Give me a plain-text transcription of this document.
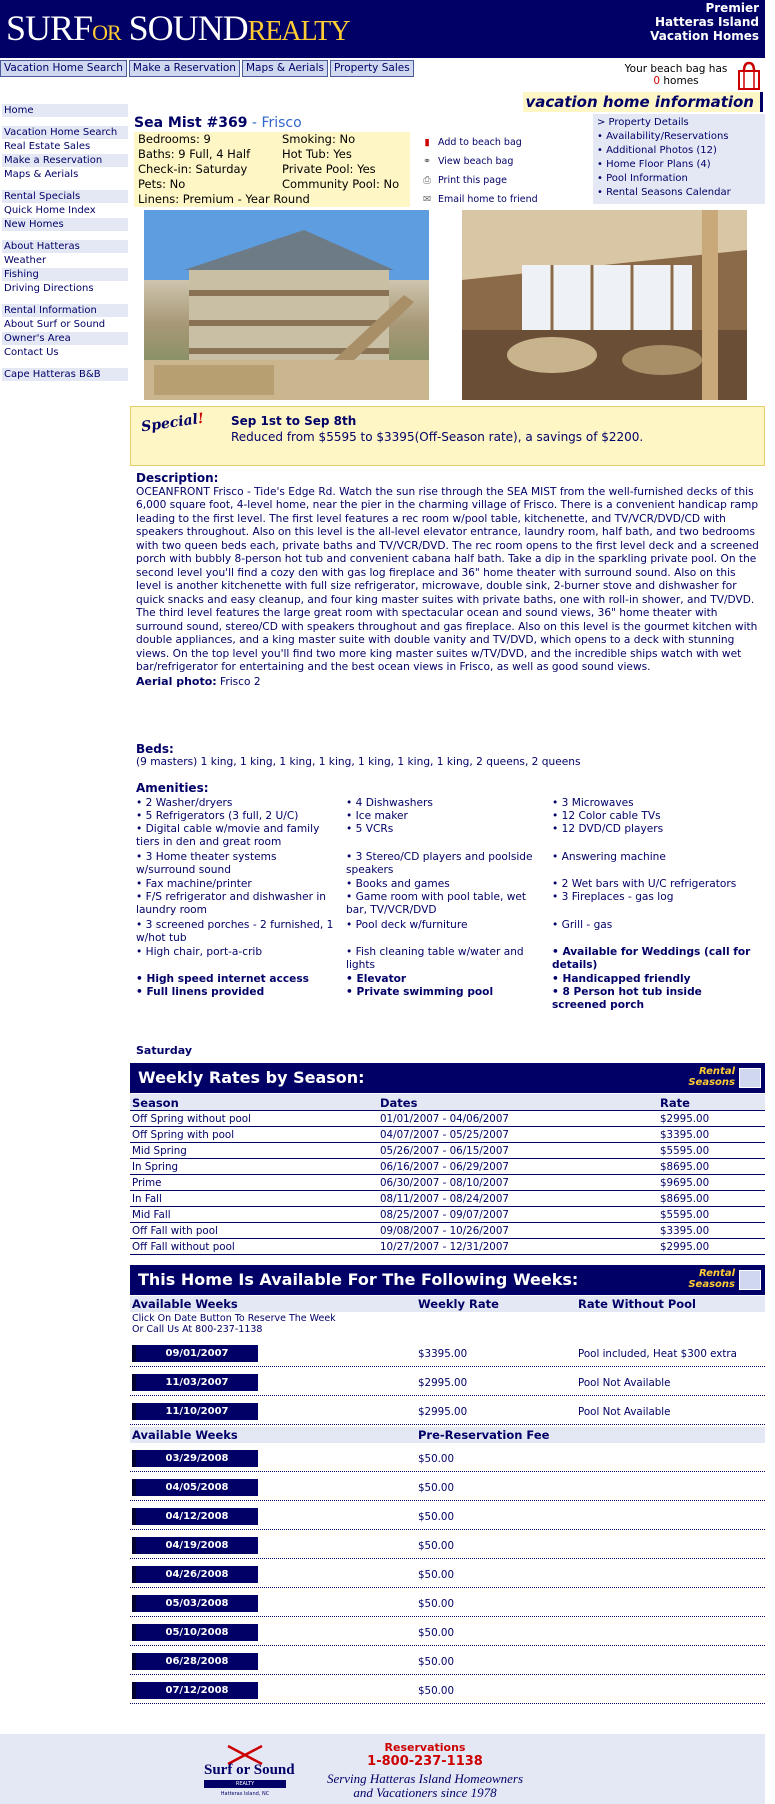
SURFOR SOUNDREALTY
Premier
Hatteras Island
Vacation Homes
Vacation Home Search Make a Reservation Maps & Aerials Property Sales	Your beach bag has
0 homes
vacation home information
Home
Vacation Home Search
Real Estate Sales
Make a Reservation
Maps & Aerials
Rental Specials
Quick Home Index
New Homes
About Hatteras
Weather
Fishing
Driving Directions
Rental Information
About Surf or Sound
Owner's Area
Contact Us
Cape Hatteras B&B
Sea Mist #369 - Frisco
Bedrooms: 9	Smoking: No
Baths: 9 Full, 4 Half	Hot Tub: Yes
Check-in: Saturday	Private Pool: Yes
Pets: No	Community Pool: No
Linens: Premium - Year Round
▮ Add to beach bag
⚭ View beach bag
⎙ Print this page
✉ Email home to friend
> Property Details
• Availability/Reservations
• Additional Photos (12)
• Home Floor Plans (4)
• Pool Information
• Rental Seasons Calendar
Special! Sep 1st to Sep 8th
Reduced from $5595 to $3395(Off-Season rate), a savings of $2200.
Description:
OCEANFRONT Frisco - Tide's Edge Rd. Watch the sun rise through the SEA MIST from the well-furnished decks of this 6,000 square foot, 4-level home, near the pier in the charming village of Frisco. There is a convenient handicap ramp leading to the first level. The first level features a rec room w/pool table, kitchenette, and TV/VCR/DVD/CD with speakers throughout. Also on this level is the all-level elevator entrance, laundry room, half bath, and two bedrooms with two queen beds each, private baths and TV/VCR/DVD. The rec room opens to the first level deck and a screened porch with bubbly 8-person hot tub and convenient cabana half bath. Take a dip in the sparkling private pool. On the second level you'll find a cozy den with gas log fireplace and 36" home theater with surround sound. Also on this level is another kitchenette with full size refrigerator, microwave, double sink, 2-burner stove and dishwasher for quick snacks and easy cleanup, and four king master suites with private baths, one with roll-in shower, and TV/DVD. The third level features the large great room with spectacular ocean and sound views, 36" home theater with surround sound, stereo/CD with speakers throughout and gas fireplace. Also on this level is the gourmet kitchen with double appliances, and a king master suite with double vanity and TV/DVD, which opens to a deck with stunning views. On the top level you'll find two more king master suites w/TV/DVD, and the incredible ships watch with wet bar/refrigerator for entertaining and the best ocean views in Frisco, as well as good sound views.
Aerial photo: Frisco 2
Beds:
(9 masters) 1 king, 1 king, 1 king, 1 king, 1 king, 1 king, 1 king, 2 queens, 2 queens
Amenities:
• 2 Washer/dryers	• 4 Dishwashers	• 3 Microwaves
• 5 Refrigerators (3 full, 2 U/C)	• Ice maker	• 12 Color cable TVs
• Digital cable w/movie and family tiers in den and great room
• 5 VCRs	• 12 DVD/CD players
• 3 Home theater systems w/surround sound
• 3 Stereo/CD players and poolside speakers
• Answering machine
• Fax machine/printer	• Books and games	• 2 Wet bars with U/C refrigerators
• F/S refrigerator and dishwasher in laundry room
• Game room with pool table, wet bar, TV/VCR/DVD
• 3 Fireplaces - gas log
• 3 screened porches - 2 furnished, 1 w/hot tub
• Pool deck w/furniture	• Grill - gas
• High chair, port-a-crib	• Fish cleaning table w/water and lights
• Available for Weddings (call for details)
• High speed internet access	• Elevator	• Handicapped friendly
• Full linens provided	• Private swimming pool	• 8 Person hot tub inside screened porch
Saturday
Weekly Rates by Season:	Rental
Seasons
Season	Dates	Rate
Off Spring without pool	01/01/2007 - 04/06/2007	$2995.00
Off Spring with pool	04/07/2007 - 05/25/2007	$3395.00
Mid Spring	05/26/2007 - 06/15/2007	$5595.00
In Spring	06/16/2007 - 06/29/2007	$8695.00
Prime	06/30/2007 - 08/10/2007	$9695.00
In Fall	08/11/2007 - 08/24/2007	$8695.00
Mid Fall	08/25/2007 - 09/07/2007	$5595.00
Off Fall with pool	09/08/2007 - 10/26/2007	$3395.00
Off Fall without pool	10/27/2007 - 12/31/2007	$2995.00
This Home Is Available For The Following Weeks:	Rental
Seasons
Available Weeks	Weekly Rate	Rate Without Pool
Click On Date Button To Reserve The Week
Or Call Us At 800-237-1138
09/01/2007	$3395.00	Pool included, Heat $300 extra
11/03/2007	$2995.00	Pool Not Available
11/10/2007	$2995.00	Pool Not Available
Available Weeks	Pre-Reservation Fee
03/29/2008	$50.00
04/05/2008	$50.00
04/12/2008	$50.00
04/19/2008	$50.00
04/26/2008	$50.00
05/03/2008	$50.00
05/10/2008	$50.00
06/28/2008	$50.00
07/12/2008	$50.00
Surf or Sound
REALTY
Hatteras Island, NC
Reservations
1-800-237-1138
Serving Hatteras Island Homeowners
and Vacationers since 1978
